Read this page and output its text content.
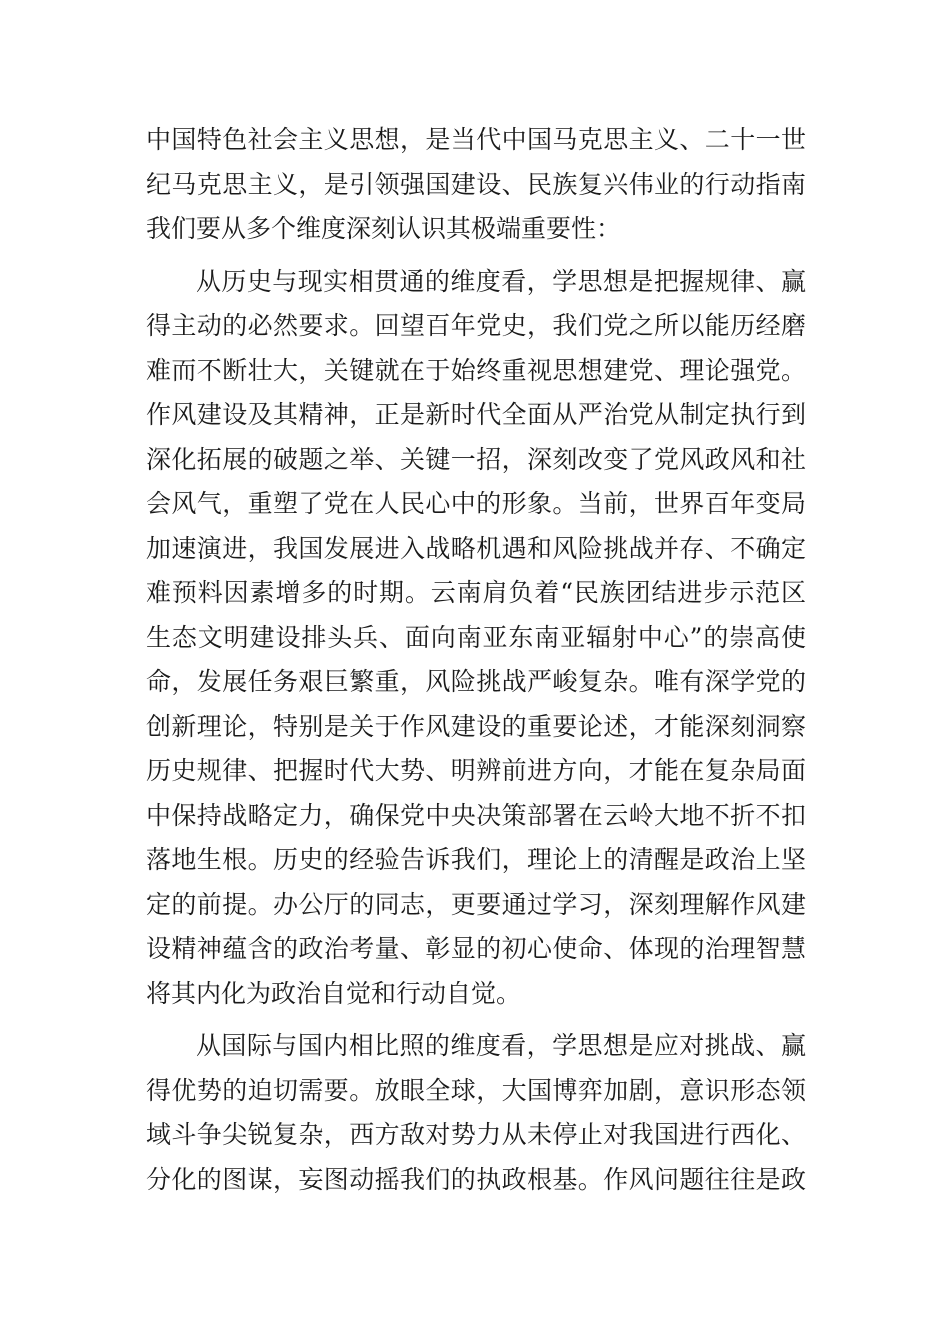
中国特色社会主义思想，是当代中国马克思主义、二十一世
纪马克思主义，是引领强国建设、民族复兴伟业的行动指南
我们要从多个维度深刻认识其极端重要性：
从历史与现实相贯通的维度看，学思想是把握规律、赢
得主动的必然要求。回望百年党史，我们党之所以能历经磨
难而不断壮大，关键就在于始终重视思想建党、理论强党。
作风建设及其精神，正是新时代全面从严治党从制定执行到
深化拓展的破题之举、关键一招，深刻改变了党风政风和社
会风气，重塑了党在人民心中的形象。当前，世界百年变局
加速演进，我国发展进入战略机遇和风险挑战并存、不确定
难预料因素增多的时期。云南肩负着“民族团结进步示范区
生态文明建设排头兵、面向南亚东南亚辐射中心”的崇高使
命，发展任务艰巨繁重，风险挑战严峻复杂。唯有深学党的
创新理论，特别是关于作风建设的重要论述，才能深刻洞察
历史规律、把握时代大势、明辨前进方向，才能在复杂局面
中保持战略定力，确保党中央决策部署在云岭大地不折不扣
落地生根。历史的经验告诉我们，理论上的清醒是政治上坚
定的前提。办公厅的同志，更要通过学习，深刻理解作风建
设精神蕴含的政治考量、彰显的初心使命、体现的治理智慧
将其内化为政治自觉和行动自觉。
从国际与国内相比照的维度看，学思想是应对挑战、赢
得优势的迫切需要。放眼全球，大国博弈加剧，意识形态领
域斗争尖锐复杂，西方敌对势力从未停止对我国进行西化、
分化的图谋，妄图动摇我们的执政根基。作风问题往往是政
